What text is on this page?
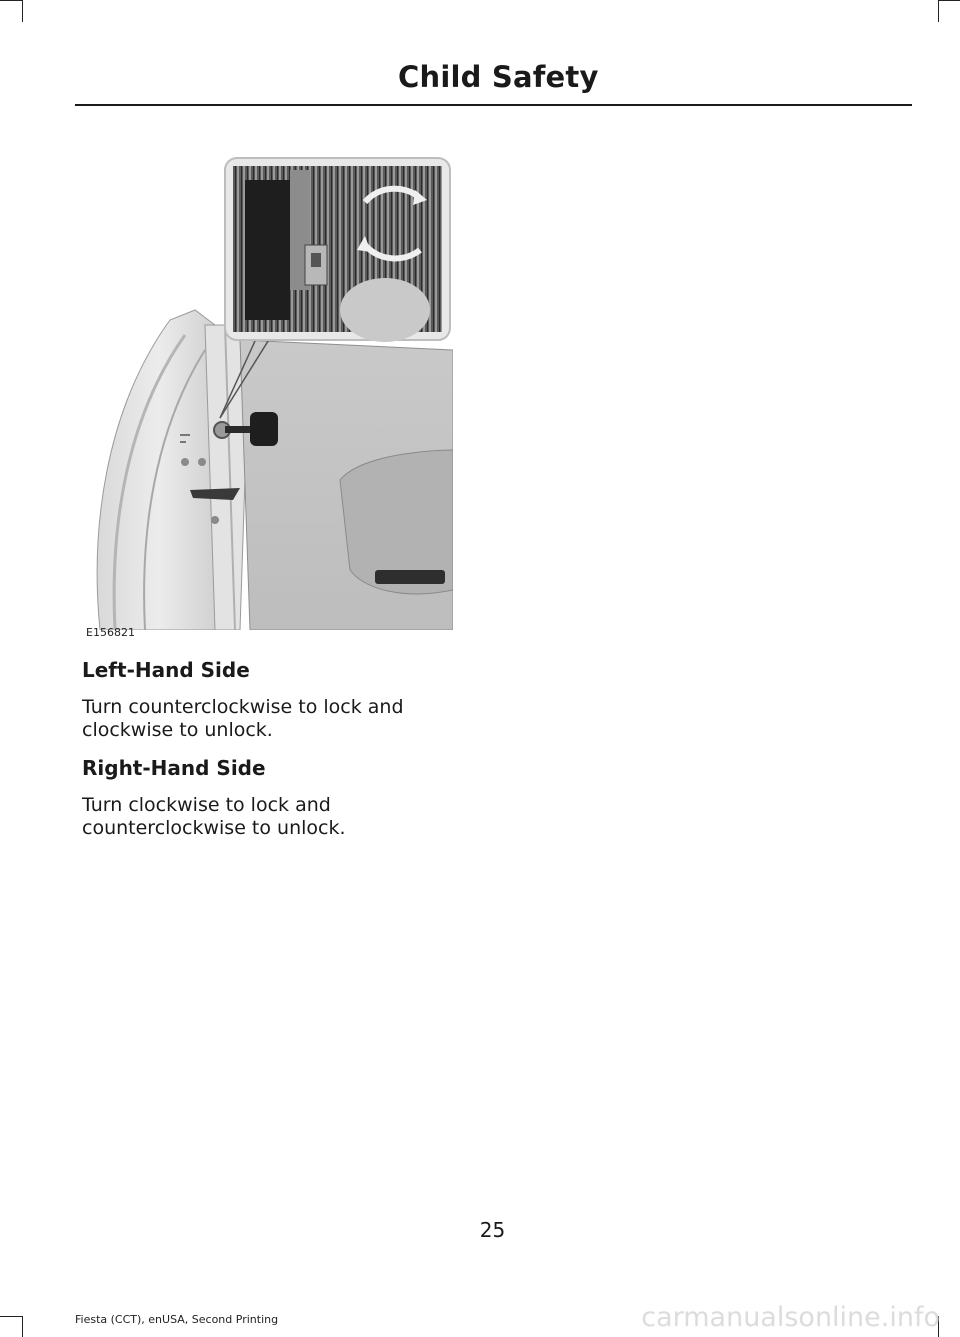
Child Safety
E156821
Left-Hand Side
Turn counterclockwise to lock and clockwise to unlock.
Right-Hand Side
Turn clockwise to lock and counterclockwise to unlock.
25
Fiesta (CCT), enUSA, Second Printing	carmanualsonline.info
